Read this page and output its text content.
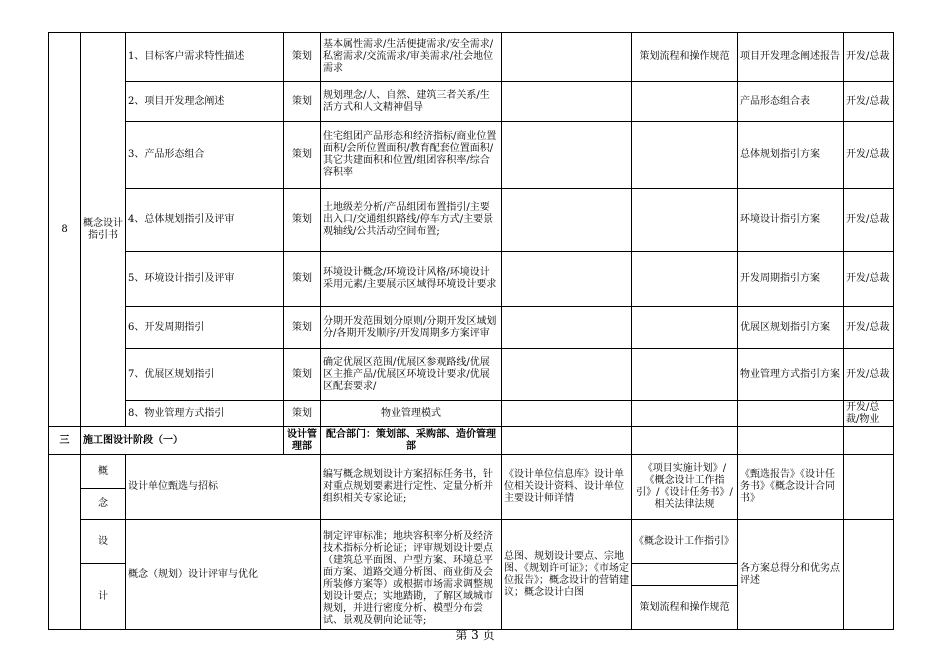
8	概念设计指引书	1、目标客户需求特性描述	策划	基本属性需求/生活便捷需求/安全需求/私密需求/交流需求/审美需求/社会地位需求		策划流程和操作规范	项目开发理念阐述报告	开发/总裁
		2、项目开发理念阐述	策划	规划理念/人、自然、建筑三者关系/生活方式和人文精神倡导			产品形态组合表	开发/总裁
		3、产品形态组合	策划	住宅组团产品形态和经济指标/商业位置面积/会所位置面积/教育配套位置面积/其它共建面积和位置/组团容积率/综合容积率			总体规划指引方案	开发/总裁
		4、总体规划指引及评审	策划	土地级差分析/产品组团布置指引/主要出入口/交通组织路线/停车方式/主要景观轴线/公共活动空间布置;			环境设计指引方案	开发/总裁
		5、环境设计指引及评审	策划	环境设计概念/环境设计风格/环境设计采用元素/主要展示区域得环境设计要求			开发周期指引方案	开发/总裁
		6、开发周期指引	策划	分期开发范围划分原则/分期开发区域划分/各期开发顺序/开发周期多方案评审			优展区规划指引方案	开发/总裁
		7、优展区规划指引	策划	确定优展区范围/优展区参观路线/优展区主推产品/优展区环境设计要求/优展区配套要求/			物业管理方式指引方案	开发/总裁
		8、物业管理方式指引	策划	物业管理模式				开发/总裁/物业
三	施工图设计阶段（一）		设计管理部	配合部门：策划部、采购部、造价管理部				
	概	设计单位甄选与招标		编写概念规划设计方案招标任务书，针对重点规划要素进行定性、定量分析并组织相关专家论证;	《设计单位信息库》设计单位相关设计资料、设计单位主要设计师详情	《项目实施计划》/《概念设计工作指引》/《设计任务书》/相关法律法规	《甄选报告》《设计任务书》《概念设计合同书》	
	念							
	设	概念（规划）设计评审与优化		制定评审标准；地块容积率分析及经济技术指标分析论证；评审规划设计要点（建筑总平面图、户型方案、环境总平面方案、道路交通分析图、商业街及会所装修方案等）或根据市场需求调整规划设计要点；实地踏勘，了解区域城市规划，并进行密度分析、模型分布尝试、景观及朝向论证等;	总图、规划设计要点、宗地图、《规划许可证》；《市场定位报告》；概念设计的营销建议；概念设计白图	《概念设计工作指引》	各方案总得分和优劣点评述	
	计							
						策划流程和操作规范		
第 3 页
